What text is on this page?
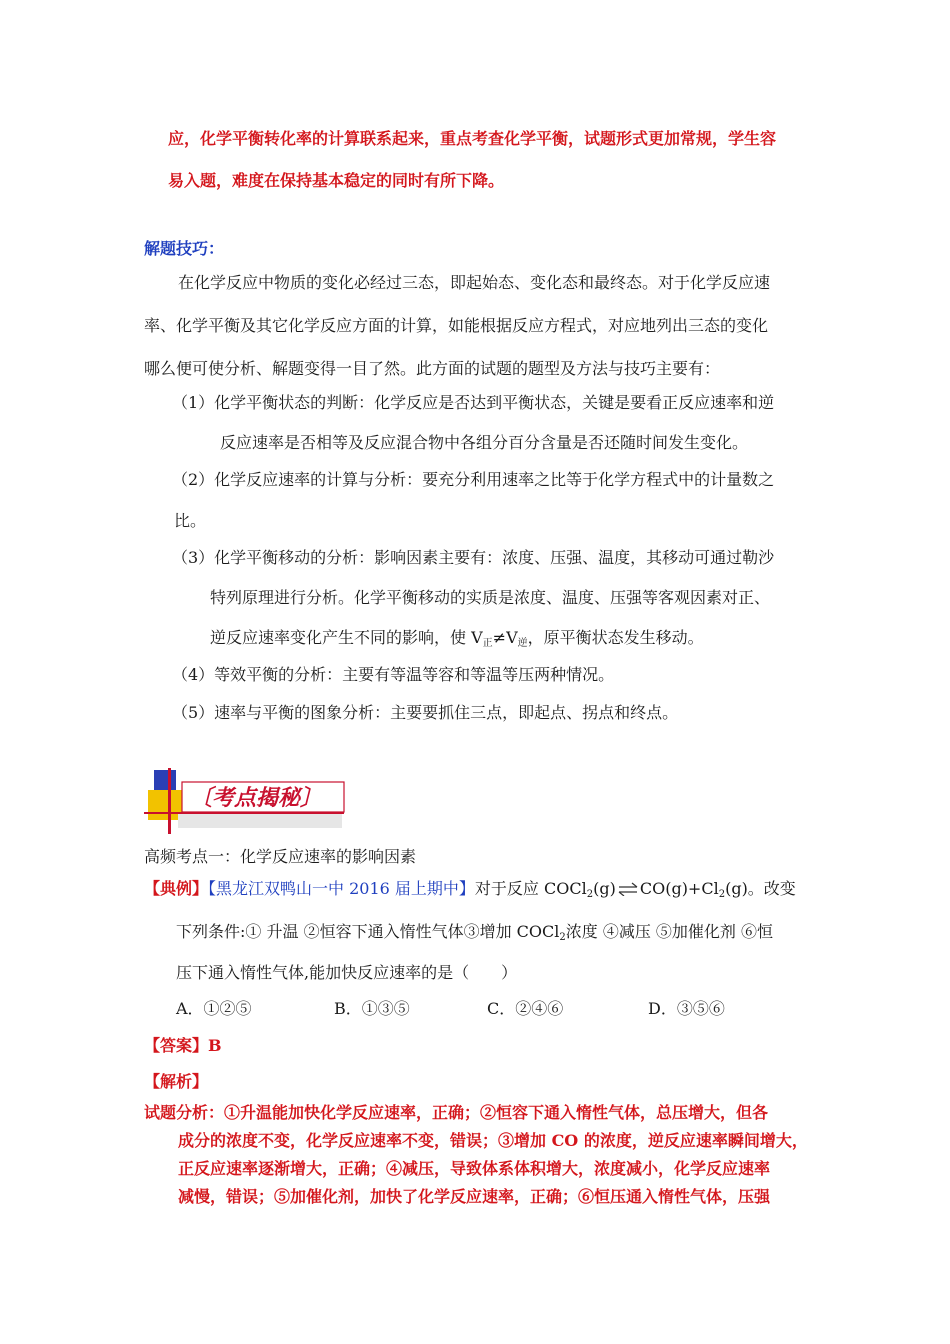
应，化学平衡转化率的计算联系起来，重点考查化学平衡，试题形式更加常规，学生容
易入题，难度在保持基本稳定的同时有所下降。
解题技巧：
在化学反应中物质的变化必经过三态，即起始态、变化态和最终态。对于化学反应速
率、化学平衡及其它化学反应方面的计算，如能根据反应方程式，对应地列出三态的变化
哪么便可使分析、解题变得一目了然。此方面的试题的题型及方法与技巧主要有：
（1）化学平衡状态的判断：化学反应是否达到平衡状态，关键是要看正反应速率和逆
反应速率是否相等及反应混合物中各组分百分含量是否还随时间发生变化。
（2）化学反应速率的计算与分析：要充分利用速率之比等于化学方程式中的计量数之
比。
（3）化学平衡移动的分析：影响因素主要有：浓度、压强、温度，其移动可通过勒沙
特列原理进行分析。化学平衡移动的实质是浓度、温度、压强等客观因素对正、
逆反应速率变化产生不同的影响，使 $V_正\ne V_逆$，原平衡状态发生移动。
（4）等效平衡的分析：主要有等温等容和等温等压两种情况。
（5）速率与平衡的图象分析：主要要抓住三点，即起点、拐点和终点。
〔考点揭秘〕
高频考点一：化学反应速率的影响因素
【典例】【黑龙江双鸭山一中 2016 届上期中】对于反应 $COCl_2(g)\rightleftharpoons CO(g)+Cl_2(g)$。改变
下列条件:① 升温 ②恒容下通入惰性气体③增加 COCl$_2$浓度 ④减压 ⑤加催化剂 ⑥恒
压下通入惰性气体,能加快反应速率的是（　　）
A．①②⑤	B．①③⑤	C．②④⑥	D．③⑤⑥
【答案】B
【解析】
试题分析：①升温能加快化学反应速率，正确；②恒容下通入惰性气体，总压增大，但各
成分的浓度不变，化学反应速率不变，错误；③增加 CO 的浓度，逆反应速率瞬间增大，
正反应速率逐渐增大，正确；④减压，导致体系体积增大，浓度减小，化学反应速率
减慢，错误；⑤加催化剂，加快了化学反应速率，正确；⑥恒压通入惰性气体，压强
